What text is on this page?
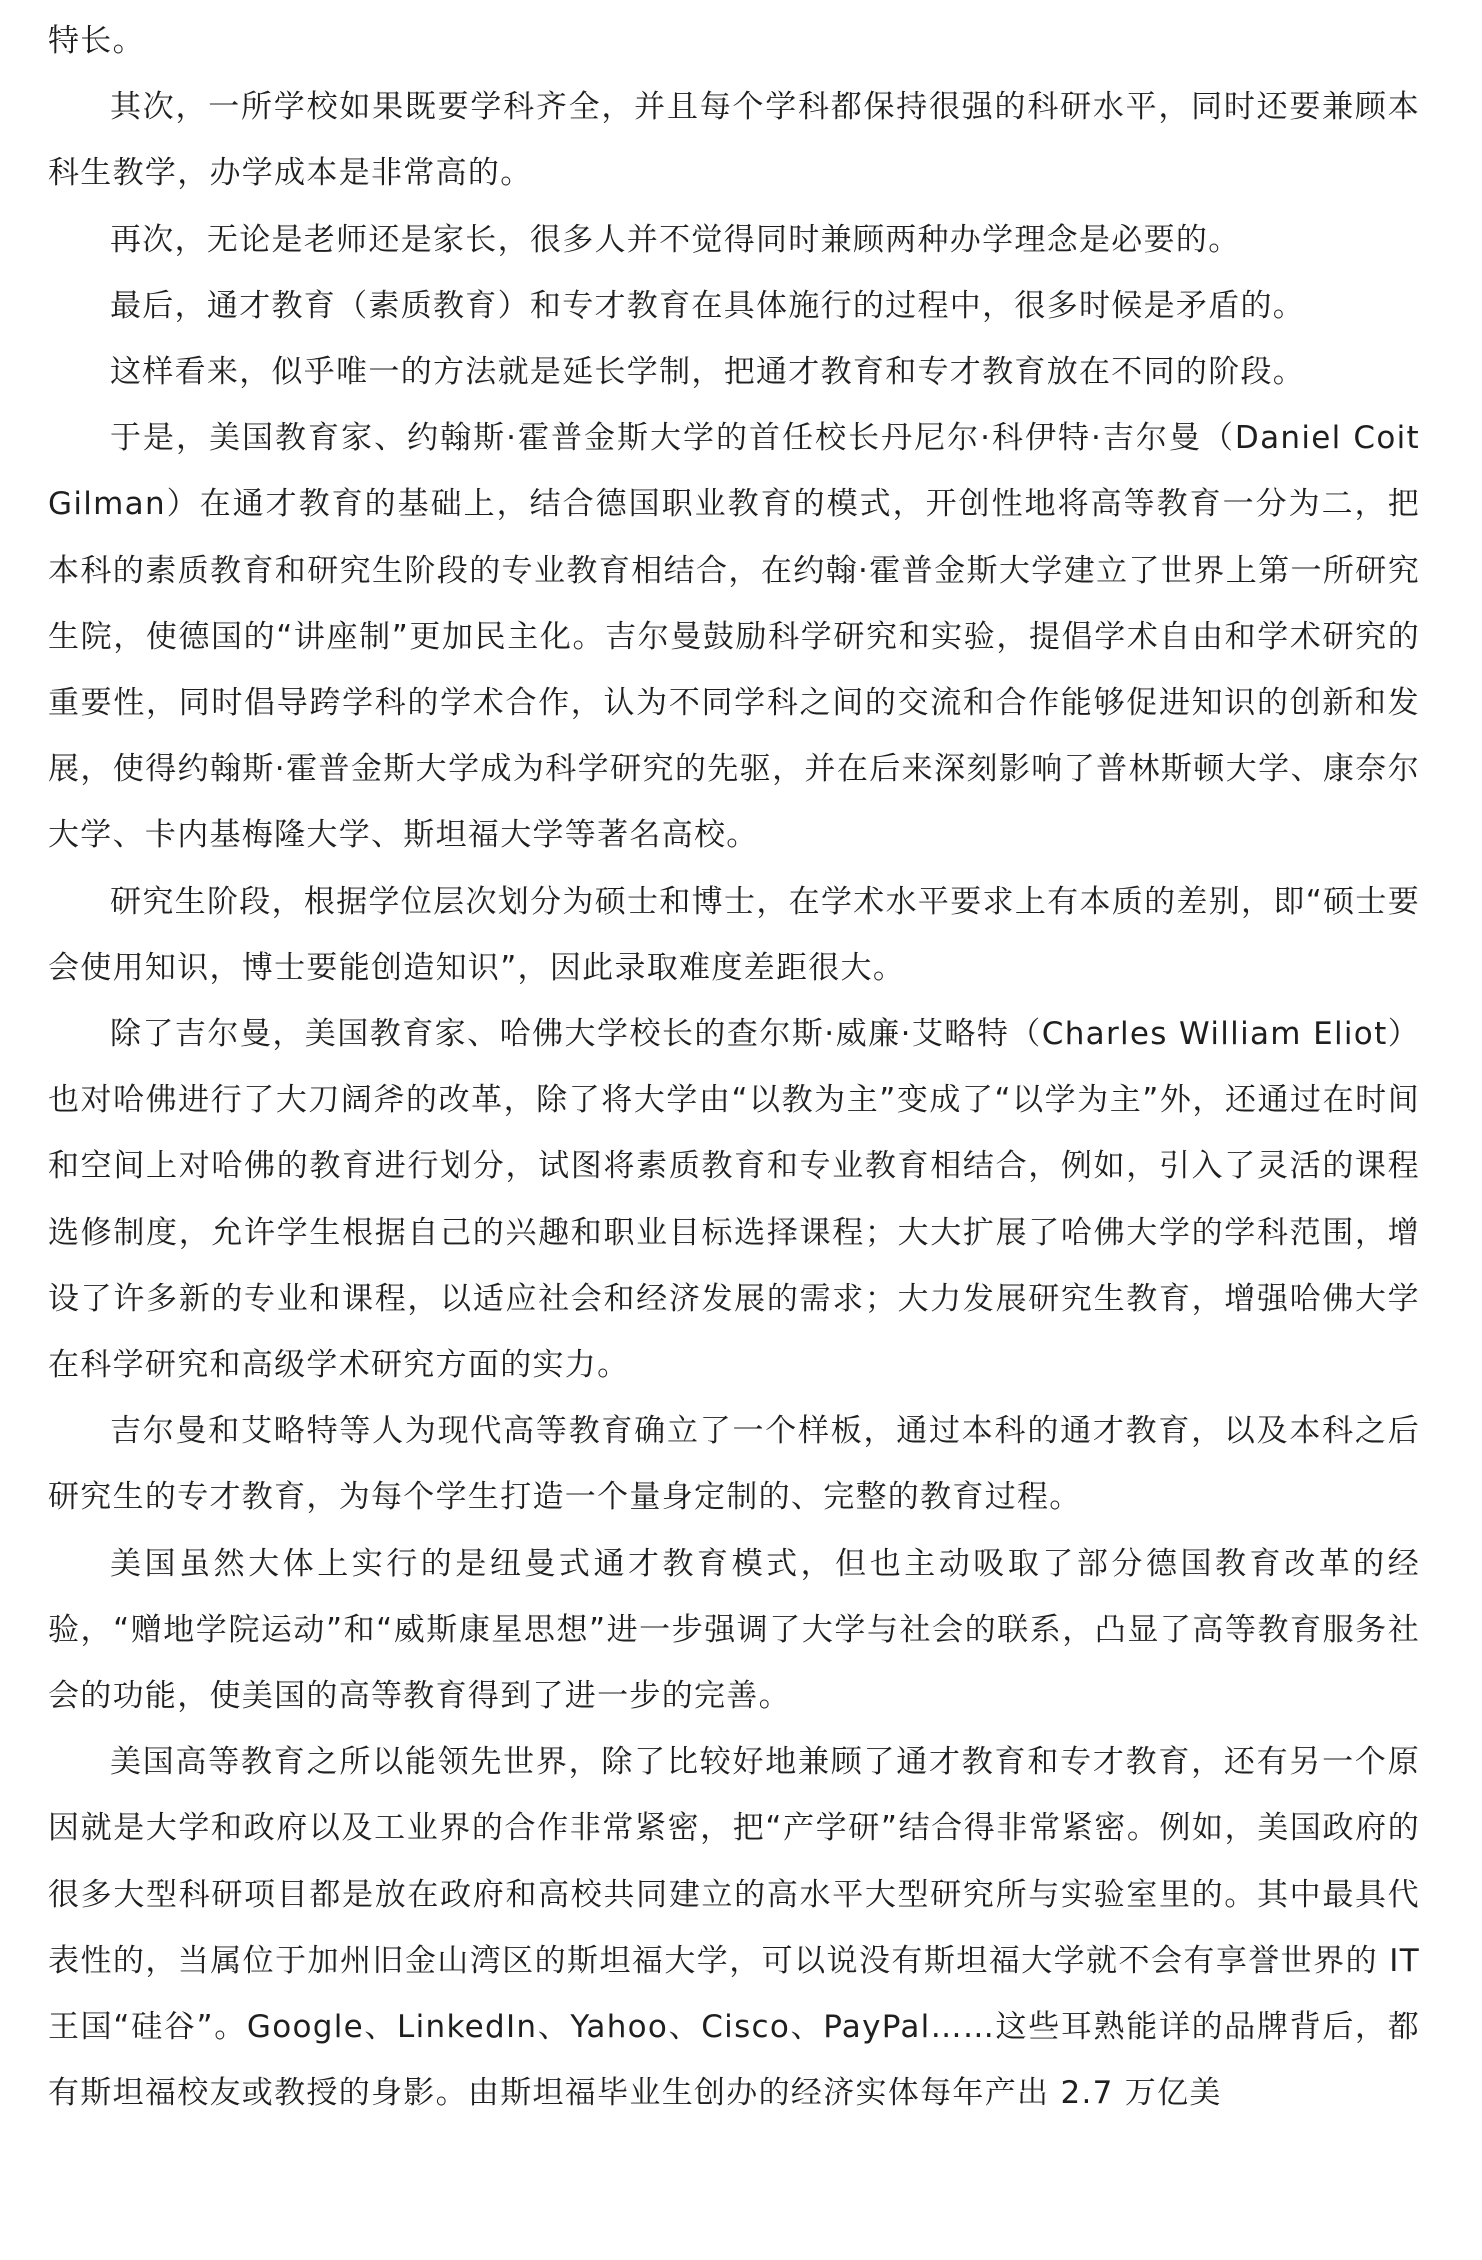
特长。

其次，一所学校如果既要学科齐全，并且每个学科都保持很强的科研水平，同时还要兼顾本科生教学，办学成本是非常高的。

再次，无论是老师还是家长，很多人并不觉得同时兼顾两种办学理念是必要的。

最后，通才教育（素质教育）和专才教育在具体施行的过程中，很多时候是矛盾的。

这样看来，似乎唯一的方法就是延长学制，把通才教育和专才教育放在不同的阶段。

于是，美国教育家、约翰斯·霍普金斯大学的首任校长丹尼尔·科伊特·吉尔曼（Daniel Coit Gilman）在通才教育的基础上，结合德国职业教育的模式，开创性地将高等教育一分为二，把本科的素质教育和研究生阶段的专业教育相结合，在约翰·霍普金斯大学建立了世界上第一所研究生院，使德国的“讲座制”更加民主化。吉尔曼鼓励科学研究和实验，提倡学术自由和学术研究的重要性，同时倡导跨学科的学术合作，认为不同学科之间的交流和合作能够促进知识的创新和发展，使得约翰斯·霍普金斯大学成为科学研究的先驱，并在后来深刻影响了普林斯顿大学、康奈尔大学、卡内基梅隆大学、斯坦福大学等著名高校。

研究生阶段，根据学位层次划分为硕士和博士，在学术水平要求上有本质的差别，即“硕士要会使用知识，博士要能创造知识”，因此录取难度差距很大。

除了吉尔曼，美国教育家、哈佛大学校长的查尔斯·威廉·艾略特（Charles William Eliot）也对哈佛进行了大刀阔斧的改革，除了将大学由“以教为主”变成了“以学为主”外，还通过在时间和空间上对哈佛的教育进行划分，试图将素质教育和专业教育相结合，例如，引入了灵活的课程选修制度，允许学生根据自己的兴趣和职业目标选择课程；大大扩展了哈佛大学的学科范围，增设了许多新的专业和课程，以适应社会和经济发展的需求；大力发展研究生教育，增强哈佛大学在科学研究和高级学术研究方面的实力。

吉尔曼和艾略特等人为现代高等教育确立了一个样板，通过本科的通才教育，以及本科之后研究生的专才教育，为每个学生打造一个量身定制的、完整的教育过程。

美国虽然大体上实行的是纽曼式通才教育模式，但也主动吸取了部分德国教育改革的经验，“赠地学院运动”和“威斯康星思想”进一步强调了大学与社会的联系，凸显了高等教育服务社会的功能，使美国的高等教育得到了进一步的完善。

美国高等教育之所以能领先世界，除了比较好地兼顾了通才教育和专才教育，还有另一个原因就是大学和政府以及工业界的合作非常紧密，把“产学研”结合得非常紧密。例如，美国政府的很多大型科研项目都是放在政府和高校共同建立的高水平大型研究所与实验室里的。其中最具代表性的，当属位于加州旧金山湾区的斯坦福大学，可以说没有斯坦福大学就不会有享誉世界的 IT 王国“硅谷”。Google、LinkedIn、Yahoo、Cisco、PayPal……这些耳熟能详的品牌背后，都有斯坦福校友或教授的身影。由斯坦福毕业生创办的经济实体每年产出 2.7 万亿美
